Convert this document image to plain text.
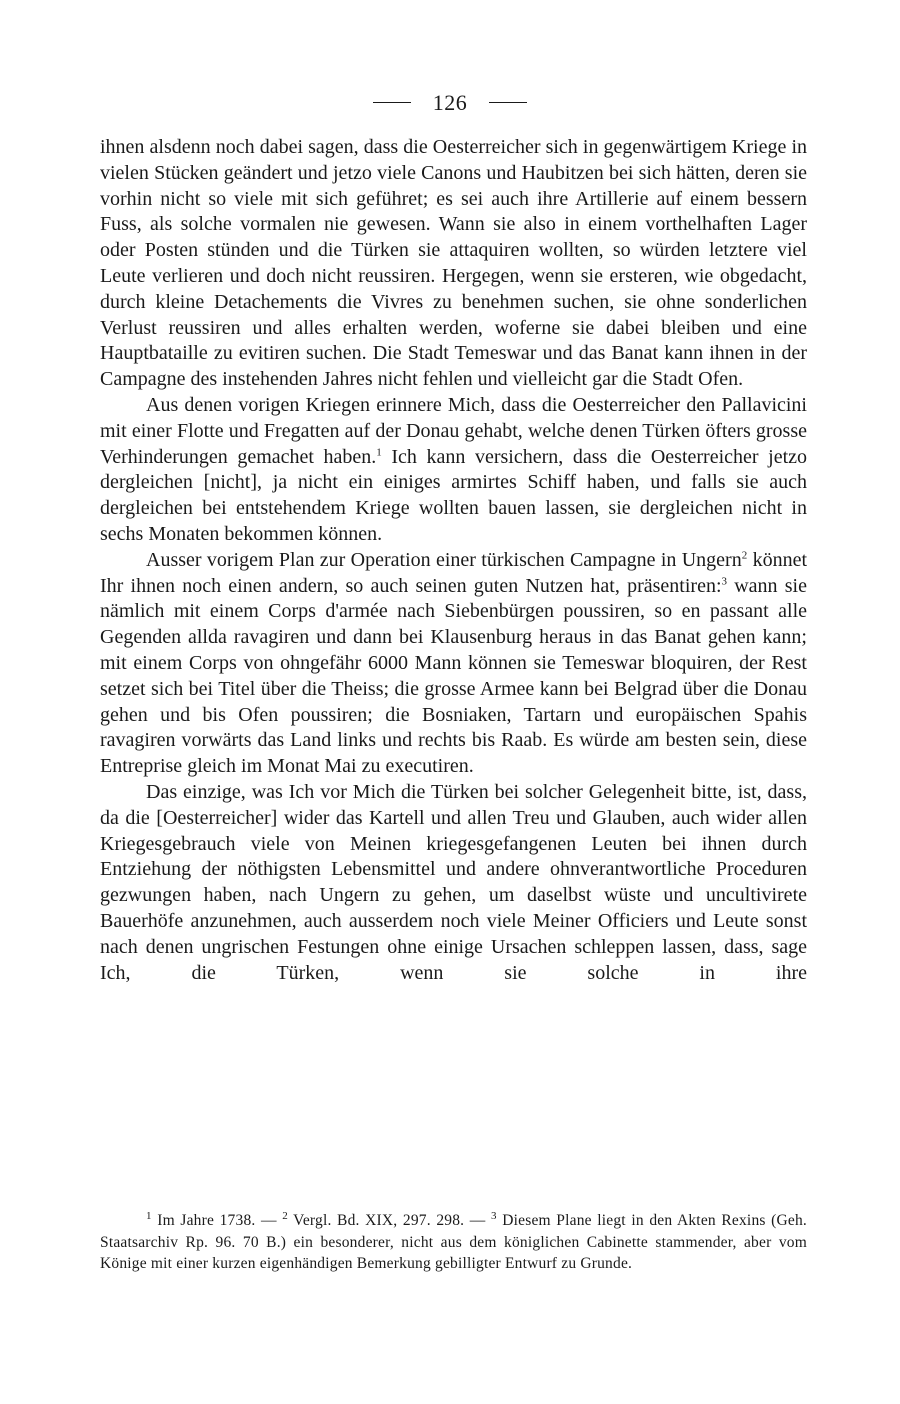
126

ihnen alsdenn noch dabei sagen, dass die Oesterreicher sich in gegenwärtigem Kriege in vielen Stücken geändert und jetzo viele Canons und Haubitzen bei sich hätten, deren sie vorhin nicht so viele mit sich geführet; es sei auch ihre Artillerie auf einem bessern Fuss, als solche vormalen nie gewesen. Wann sie also in einem vorthelhaften Lager oder Posten stünden und die Türken sie attaquiren wollten, so würden letztere viel Leute verlieren und doch nicht reussiren. Hergegen, wenn sie ersteren, wie obgedacht, durch kleine Detachements die Vivres zu benehmen suchen, sie ohne sonderlichen Verlust reussiren und alles erhalten werden, woferne sie dabei bleiben und eine Hauptbataille zu evitiren suchen. Die Stadt Temeswar und das Banat kann ihnen in der Campagne des instehenden Jahres nicht fehlen und vielleicht gar die Stadt Ofen.

Aus denen vorigen Kriegen erinnere Mich, dass die Oesterreicher den Pallavicini mit einer Flotte und Fregatten auf der Donau gehabt, welche denen Türken öfters grosse Verhinderungen gemachet haben.$^1$ Ich kann versichern, dass die Oesterreicher jetzo dergleichen [nicht], ja nicht ein einiges armirtes Schiff haben, und falls sie auch dergleichen bei entstehendem Kriege wollten bauen lassen, sie dergleichen nicht in sechs Monaten bekommen können.

Ausser vorigem Plan zur Operation einer türkischen Campagne in Ungern$^2$ könnet Ihr ihnen noch einen andern, so auch seinen guten Nutzen hat, präsentiren:$^3$ wann sie nämlich mit einem Corps d'armée nach Siebenbürgen poussiren, so en passant alle Gegenden allda ravagiren und dann bei Klausenburg heraus in das Banat gehen kann; mit einem Corps von ohngefähr 6000 Mann können sie Temeswar bloquiren, der Rest setzet sich bei Titel über die Theiss; die grosse Armee kann bei Belgrad über die Donau gehen und bis Ofen poussiren; die Bosniaken, Tartarn und europäischen Spahis ravagiren vorwärts das Land links und rechts bis Raab. Es würde am besten sein, diese Entreprise gleich im Monat Mai zu executiren.

Das einzige, was Ich vor Mich die Türken bei solcher Gelegenheit bitte, ist, dass, da die [Oesterreicher] wider das Kartell und allen Treu und Glauben, auch wider allen Kriegesgebrauch viele von Meinen kriegesgefangenen Leuten bei ihnen durch Entziehung der nöthigsten Lebensmittel und andere ohnverantwortliche Proceduren gezwungen haben, nach Ungern zu gehen, um daselbst wüste und uncultivirete Bauerhöfe anzunehmen, auch ausserdem noch viele Meiner Officiers und Leute sonst nach denen ungrischen Festungen ohne einige Ursachen schleppen lassen, dass, sage Ich, die Türken, wenn sie solche in ihre

$^1$ Im Jahre 1738. — $^2$ Vergl. Bd. XIX, 297. 298. — $^3$ Diesem Plane liegt in den Akten Rexins (Geh. Staatsarchiv Rp. 96. 70 B.) ein besonderer, nicht aus dem königlichen Cabinette stammender, aber vom Könige mit einer kurzen eigenhändigen Bemerkung gebilligter Entwurf zu Grunde.
